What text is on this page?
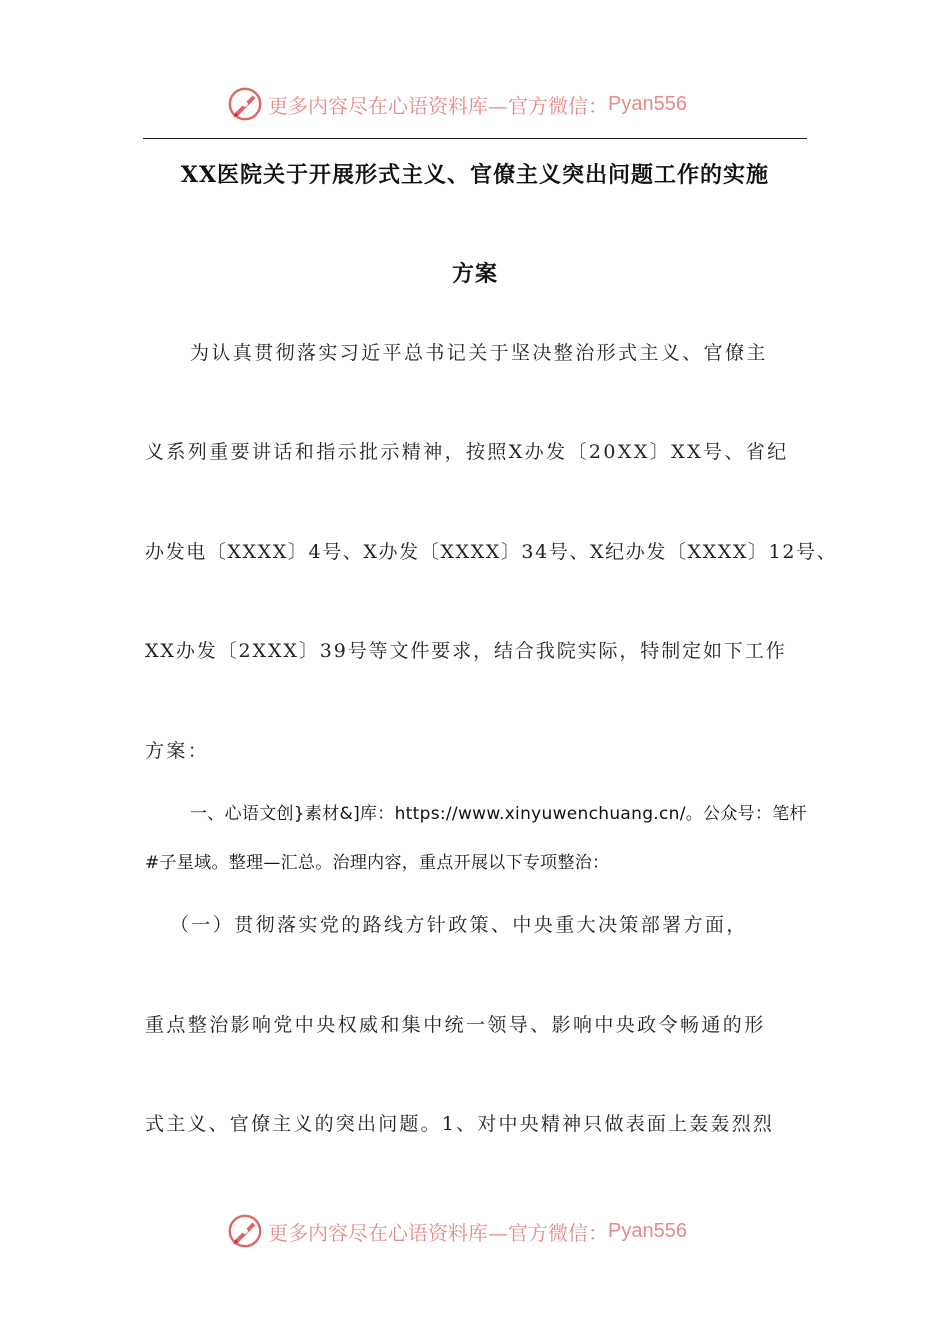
更多内容尽在心语资料库—官方微信： Pyan556
XX医院关于开展形式主义、官僚主义突出问题工作的实施
方案
为认真贯彻落实习近平总书记关于坚决整治形式主义、官僚主
义系列重要讲话和指示批示精神，按照X办发〔20XX〕XX号、省纪
办发电〔XXXX〕4号、X办发〔XXXX〕34号、X纪办发〔XXXX〕12号、
XX办发〔2XXX〕39号等文件要求，结合我院实际，特制定如下工作
方案：
一、心语文创}素材&]库：https://www.xinyuwenchuang.cn/。公众号：笔杆
#子星域。整理—汇总。治理内容，重点开展以下专项整治：
（一）贯彻落实党的路线方针政策、中央重大决策部署方面，
重点整治影响党中央权威和集中统一领导、影响中央政令畅通的形
式主义、官僚主义的突出问题。1、对中央精神只做表面上轰轰烈烈
更多内容尽在心语资料库—官方微信： Pyan556
